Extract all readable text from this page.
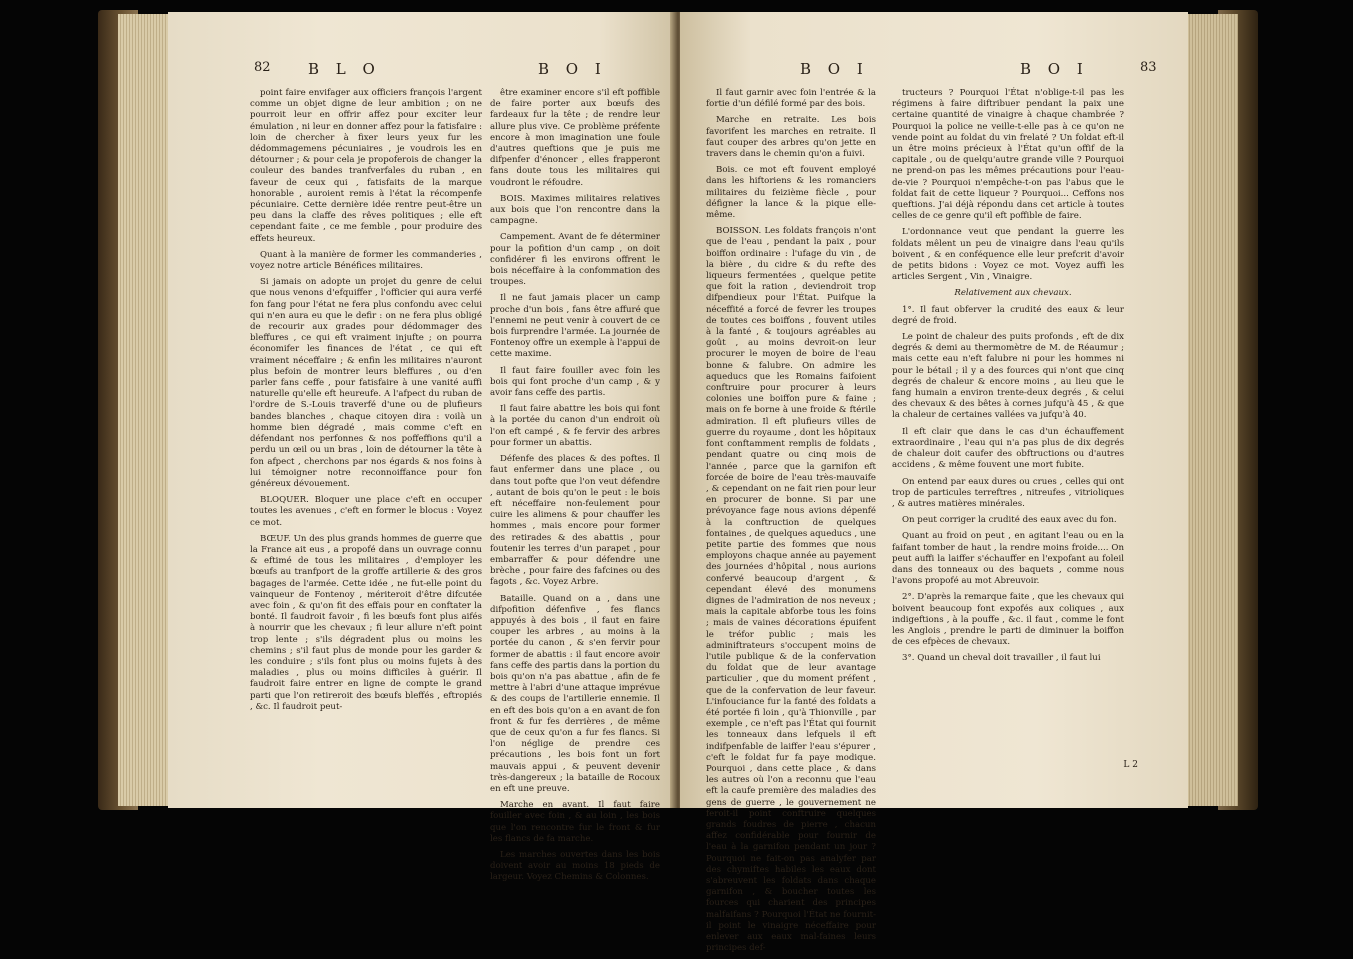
82 B L O	B O I

point faire envifager aux officiers françois l'argent comme un objet digne de leur ambition ; on ne pourroit leur en offrir affez pour exciter leur émulation , ni leur en donner affez pour la fatisfaire : loin de chercher à fixer leurs yeux fur les dédommagemens pécuniaires , je voudrois les en détourner ; & pour cela je propoferois de changer la couleur des bandes tranfverfales du ruban , en faveur de ceux qui , fatisfaits de la marque honorable , auroient remis à l'état la récompenfe pécuniaire. Cette dernière idée rentre peut-être un peu dans la claffe des rêves politiques ; elle eft cependant faite , ce me femble , pour produire des effets heureux.

Quant à la manière de former les commanderies , voyez notre article Bénéfices militaires.

Si jamais on adopte un projet du genre de celui que nous venons d'efquiffer , l'officier qui aura verfé fon fang pour l'état ne fera plus confondu avec celui qui n'en aura eu que le defir : on ne fera plus obligé de recourir aux grades pour dédommager des bleffures , ce qui eft vraiment injufte ; on pourra économifer les finances de l'état , ce qui eft vraiment néceffaire ; & enfin les militaires n'auront plus befoin de montrer leurs bleffures , ou d'en parler fans ceffe , pour fatisfaire à une vanité auffi naturelle qu'elle eft heureufe. A l'afpect du ruban de l'ordre de S.-Louis traverfé d'une ou de plufieurs bandes blanches , chaque citoyen dira : voilà un homme bien dégradé , mais comme c'eft en défendant nos perfonnes & nos poffeffions qu'il a perdu un œil ou un bras , loin de détourner la tête à fon afpect , cherchons par nos égards & nos foins à lui témoigner notre reconnoiffance pour fon généreux dévouement.

BLOQUER. Bloquer une place c'eft en occuper toutes les avenues , c'eft en former le blocus : Voyez ce mot.

BŒUF. Un des plus grands hommes de guerre que la France ait eus , a propofé dans un ouvrage connu & eftimé de tous les militaires , d'employer les bœufs au tranfport de la groffe artillerie & des gros bagages de l'armée. Cette idée , ne fut-elle point du vainqueur de Fontenoy , mériteroit d'être difcutée avec foin , & qu'on fit des effais pour en conftater la bonté. Il faudroit favoir , fi les bœufs font plus aifés à nourrir que les chevaux ; fi leur allure n'eft point trop lente ; s'ils dégradent plus ou moins les chemins ; s'il faut plus de monde pour les garder & les conduire ; s'ils font plus ou moins fujets à des maladies , plus ou moins difficiles à guérir. Il faudroit faire entrer en ligne de compte le grand parti que l'on retireroit des bœufs bleffés , eftropiés , &c. Il faudroit peut-

être examiner encore s'il eft poffible de faire porter aux bœufs des fardeaux fur la tête ; de rendre leur allure plus vive. Ce problème préfente encore à mon imagination une foule d'autres queftions que je puis me difpenfer d'énoncer , elles frapperont fans doute tous les militaires qui voudront le réfoudre.

BOIS. Maximes militaires relatives aux bois que l'on rencontre dans la campagne.

Campement. Avant de fe déterminer pour la pofition d'un camp , on doit confidérer fi les environs offrent le bois néceffaire à la confommation des troupes.

Il ne faut jamais placer un camp proche d'un bois , fans être affuré que l'ennemi ne peut venir à couvert de ce bois furprendre l'armée. La journée de Fontenoy offre un exemple à l'appui de cette maxime.

Il faut faire fouiller avec foin les bois qui font proche d'un camp , & y avoir fans ceffe des partis.

Il faut faire abattre les bois qui font à la portée du canon d'un endroit où l'on eft campé , & fe fervir des arbres pour former un abattis.

Défenfe des places & des poftes. Il faut enfermer dans une place , ou dans tout pofte que l'on veut défendre , autant de bois qu'on le peut : le bois eft néceffaire non-feulement pour cuire les alimens & pour chauffer les hommes , mais encore pour former des retirades & des abattis , pour foutenir les terres d'un parapet , pour embarraffer & pour défendre une brèche , pour faire des fafcines ou des fagots , &c. Voyez Arbre.

Bataille. Quand on a , dans une difpofition défenfive , fes flancs appuyés à des bois , il faut en faire couper les arbres , au moins à la portée du canon , & s'en fervir pour former de abattis : il faut encore avoir fans ceffe des partis dans la portion du bois qu'on n'a pas abattue , afin de fe mettre à l'abri d'une attaque imprévue & des coups de l'artillerie ennemie. Il en eft des bois qu'on a en avant de fon front & fur fes derrières , de même que de ceux qu'on a fur fes flancs. Si l'on néglige de prendre ces précautions , les bois font un fort mauvais appui , & peuvent devenir très-dangereux ; la bataille de Rocoux en eft une preuve.

Marche en avant. Il faut faire fouiller avec foin , & au loin , les bois que l'on rencontre fur le front & fur les flancs de fa marche.

Les marches ouvertes dans les bois doivent avoir au moins 18 pieds de largeur. Voyez Chemins & Colonnes.

B O I	B O I	83

Il faut garnir avec foin l'entrée & la fortie d'un défilé formé par des bois.

Marche en retraite. Les bois favorifent les marches en retraite. Il faut couper des arbres qu'on jette en travers dans le chemin qu'on a fuivi.

Bois. ce mot eft fouvent employé dans les hiftoriens & les romanciers militaires du feizième fiècle , pour défigner la lance & la pique elle-même.

BOISSON. Les foldats françois n'ont que de l'eau , pendant la paix , pour boiffon ordinaire : l'ufage du vin , de la bière , du cidre & du refte des liqueurs fermentées , quelque petite que foit la ration , deviendroit trop difpendieux pour l'État. Puifque la néceffité a forcé de fevrer les troupes de toutes ces boiffons , fouvent utiles à la fanté , & toujours agréables au goût , au moins devroit-on leur procurer le moyen de boire de l'eau bonne & falubre. On admire les aqueducs que les Romains faifoient conftruire pour procurer à leurs colonies une boiffon pure & faine ; mais on fe borne à une froide & ftérile admiration. Il eft plufieurs villes de guerre du royaume , dont les hôpitaux font conftamment remplis de foldats , pendant quatre ou cinq mois de l'année , parce que la garnifon eft forcée de boire de l'eau très-mauvaife , & cependant on ne fait rien pour leur en procurer de bonne. Si par une prévoyance fage nous avions dépenfé à la conftruction de quelques fontaines , de quelques aqueducs , une petite partie des fommes que nous employons chaque année au payement des journées d'hôpital , nous aurions confervé beaucoup d'argent , & cependant élevé des monumens dignes de l'admiration de nos neveux ; mais la capitale abforbe tous les foins ; mais de vaines décorations épuifent le tréfor public ; mais les adminiftrateurs s'occupent moins de l'utile publique & de la confervation du foldat que de leur avantage particulier , que du moment préfent , que de la confervation de leur faveur. L'infouciance fur la fanté des foldats a été portée fi loin , qu'à Thionville , par exemple , ce n'eft pas l'État qui fournit les tonneaux dans lefquels il eft indifpenfable de laiffer l'eau s'épurer , c'eft le foldat fur fa paye modique. Pourquoi , dans cette place , & dans les autres où l'on a reconnu que l'eau eft la caufe première des maladies des gens de guerre , le gouvernement ne feroit-il point conftruire quelques grands foudres de pierre , chacun affez confidérable pour fournir de l'eau à la garnifon pendant un jour ? Pourquoi ne fait-on pas analyfer par des chymiftes habiles les eaux dont s'abreuvent les foldats dans chaque garnifon , & boucher toutes les fources qui charient des principes malfaifans ? Pourquoi l'État ne fournit-il point le vinaigre néceffaire pour enlever aux eaux mal-faines leurs principes def-

tructeurs ? Pourquoi l'État n'oblige-t-il pas les régimens à faire diftribuer pendant la paix une certaine quantité de vinaigre à chaque chambrée ? Pourquoi la police ne veille-t-elle pas à ce qu'on ne vende point au foldat du vin frelaté ? Un foldat eft-il un être moins précieux à l'État qu'un offif de la capitale , ou de quelqu'autre grande ville ? Pourquoi ne prend-on pas les mêmes précautions pour l'eau-de-vie ? Pourquoi n'empêche-t-on pas l'abus que le foldat fait de cette liqueur ? Pourquoi... Ceffons nos queftions. J'ai déjà répondu dans cet article à toutes celles de ce genre qu'il eft poffible de faire.

L'ordonnance veut que pendant la guerre les foldats mêlent un peu de vinaigre dans l'eau qu'ils boivent , & en conféquence elle leur prefcrit d'avoir de petits bidons : Voyez ce mot. Voyez auffi les articles Sergent , Vin , Vinaigre.

Relativement aux chevaux.

1°. Il faut obferver la crudité des eaux & leur degré de froid.

Le point de chaleur des puits profonds , eft de dix degrés & demi au thermomètre de M. de Réaumur ; mais cette eau n'eft falubre ni pour les hommes ni pour le bétail ; il y a des fources qui n'ont que cinq degrés de chaleur & encore moins , au lieu que le fang humain a environ trente-deux degrés , & celui des chevaux & des bêtes à cornes jufqu'à 45 , & que la chaleur de certaines vallées va jufqu'à 40.

Il eft clair que dans le cas d'un échauffement extraordinaire , l'eau qui n'a pas plus de dix degrés de chaleur doit caufer des obftructions ou d'autres accidens , & même fouvent une mort fubite.

On entend par eaux dures ou crues , celles qui ont trop de particules terreftres , nitreufes , vitrioliques , & autres matières minérales.

On peut corriger la crudité des eaux avec du fon.

Quant au froid on peut , en agitant l'eau ou en la faifant tomber de haut , la rendre moins froide.... On peut auffi la laiffer s'échauffer en l'expofant au foleil dans des tonneaux ou des baquets , comme nous l'avons propofé au mot Abreuvoir.

2°. D'après la remarque faite , que les chevaux qui boivent beaucoup font expofés aux coliques , aux indigeftions , à la pouffe , &c. il faut , comme le font les Anglois , prendre le parti de diminuer la boiffon de ces efpèces de chevaux.

3°. Quand un cheval doit travailler , il faut lui

L 2
